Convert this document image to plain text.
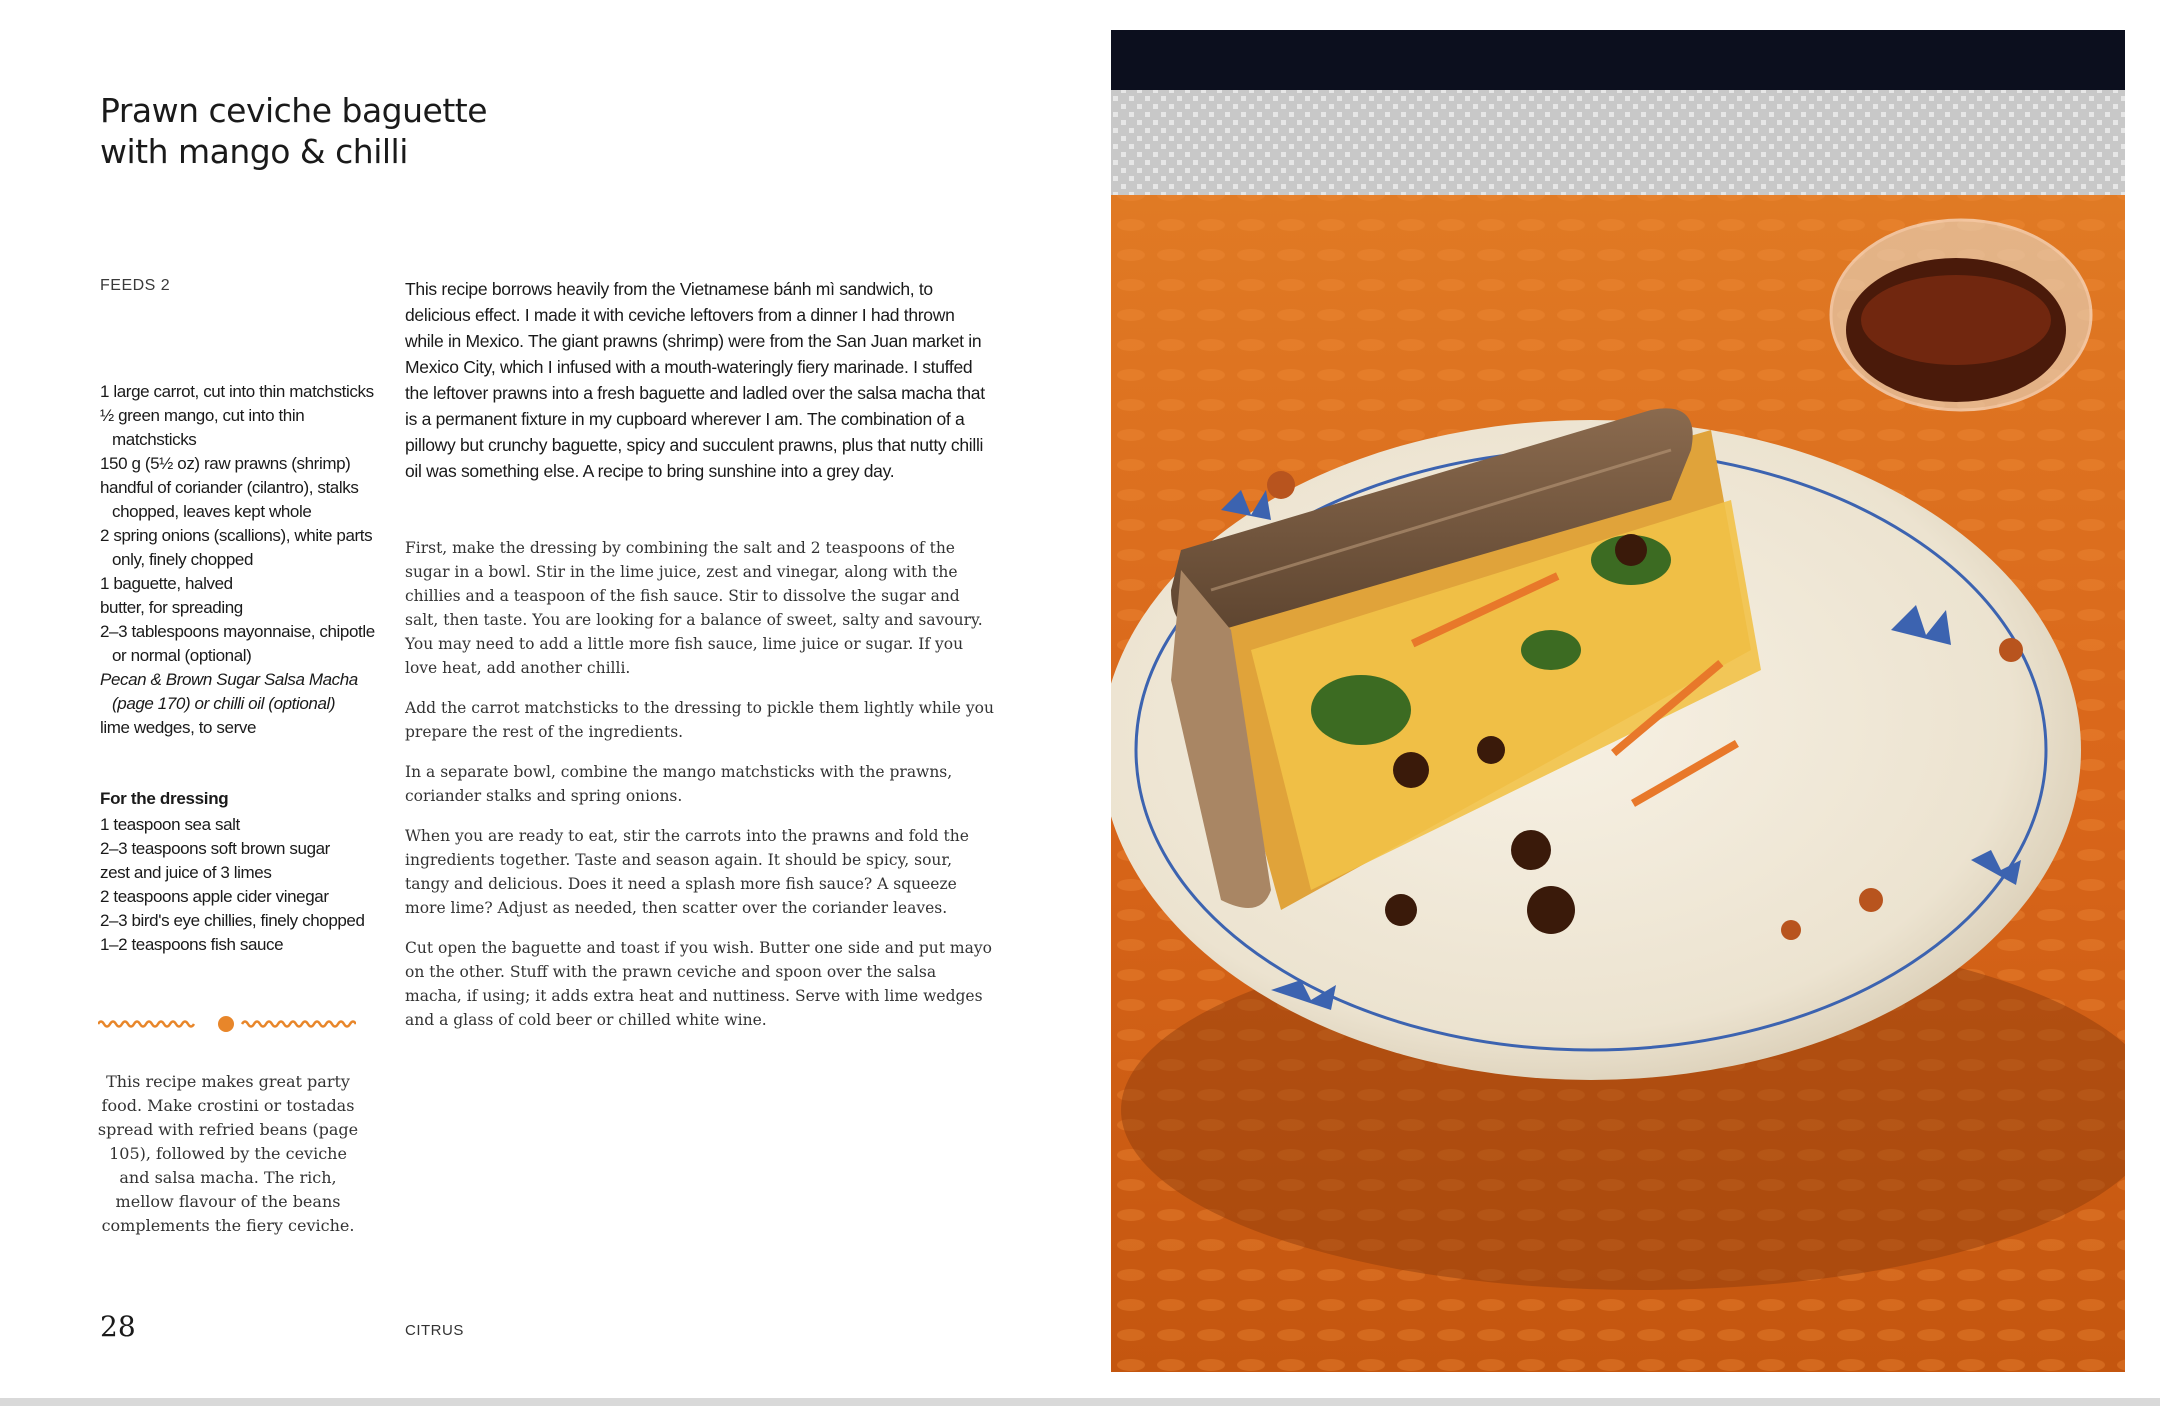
Prawn ceviche baguette
with mango & chilli
FEEDS 2
1 large carrot, cut into thin matchsticks
½ green mango, cut into thin matchsticks
150 g (5½ oz) raw prawns (shrimp)
handful of coriander (cilantro), stalks chopped, leaves kept whole
2 spring onions (scallions), white parts only, finely chopped
1 baguette, halved
butter, for spreading
2–3 tablespoons mayonnaise, chipotle or normal (optional)
Pecan & Brown Sugar Salsa Macha (page 170) or chilli oil (optional)
lime wedges, to serve
For the dressing
1 teaspoon sea salt
2–3 teaspoons soft brown sugar
zest and juice of 3 limes
2 teaspoons apple cider vinegar
2–3 bird's eye chillies, finely chopped
1–2 teaspoons fish sauce
This recipe makes great party food. Make crostini or tostadas spread with refried beans (page 105), followed by the ceviche and salsa macha. The rich, mellow flavour of the beans complements the fiery ceviche.

This recipe borrows heavily from the Vietnamese bánh mì sandwich, to delicious effect. I made it with ceviche leftovers from a dinner I had thrown while in Mexico. The giant prawns (shrimp) were from the San Juan market in Mexico City, which I infused with a mouth-wateringly fiery marinade. I stuffed the leftover prawns into a fresh baguette and ladled over the salsa macha that is a permanent fixture in my cupboard wherever I am. The combination of a pillowy but crunchy baguette, spicy and succulent prawns, plus that nutty chilli oil was something else. A recipe to bring sunshine into a grey day.

First, make the dressing by combining the salt and 2 teaspoons of the sugar in a bowl. Stir in the lime juice, zest and vinegar, along with the chillies and a teaspoon of the fish sauce. Stir to dissolve the sugar and salt, then taste. You are looking for a balance of sweet, salty and savoury. You may need to add a little more fish sauce, lime juice or sugar. If you love heat, add another chilli.

Add the carrot matchsticks to the dressing to pickle them lightly while you prepare the rest of the ingredients.

In a separate bowl, combine the mango matchsticks with the prawns, coriander stalks and spring onions.

When you are ready to eat, stir the carrots into the prawns and fold the ingredients together. Taste and season again. It should be spicy, sour, tangy and delicious. Does it need a splash more fish sauce? A squeeze more lime? Adjust as needed, then scatter over the coriander leaves.

Cut open the baguette and toast if you wish. Butter one side and put mayo on the other. Stuff with the prawn ceviche and spoon over the salsa macha, if using; it adds extra heat and nuttiness. Serve with lime wedges and a glass of cold beer or chilled white wine.

28	CITRUS
